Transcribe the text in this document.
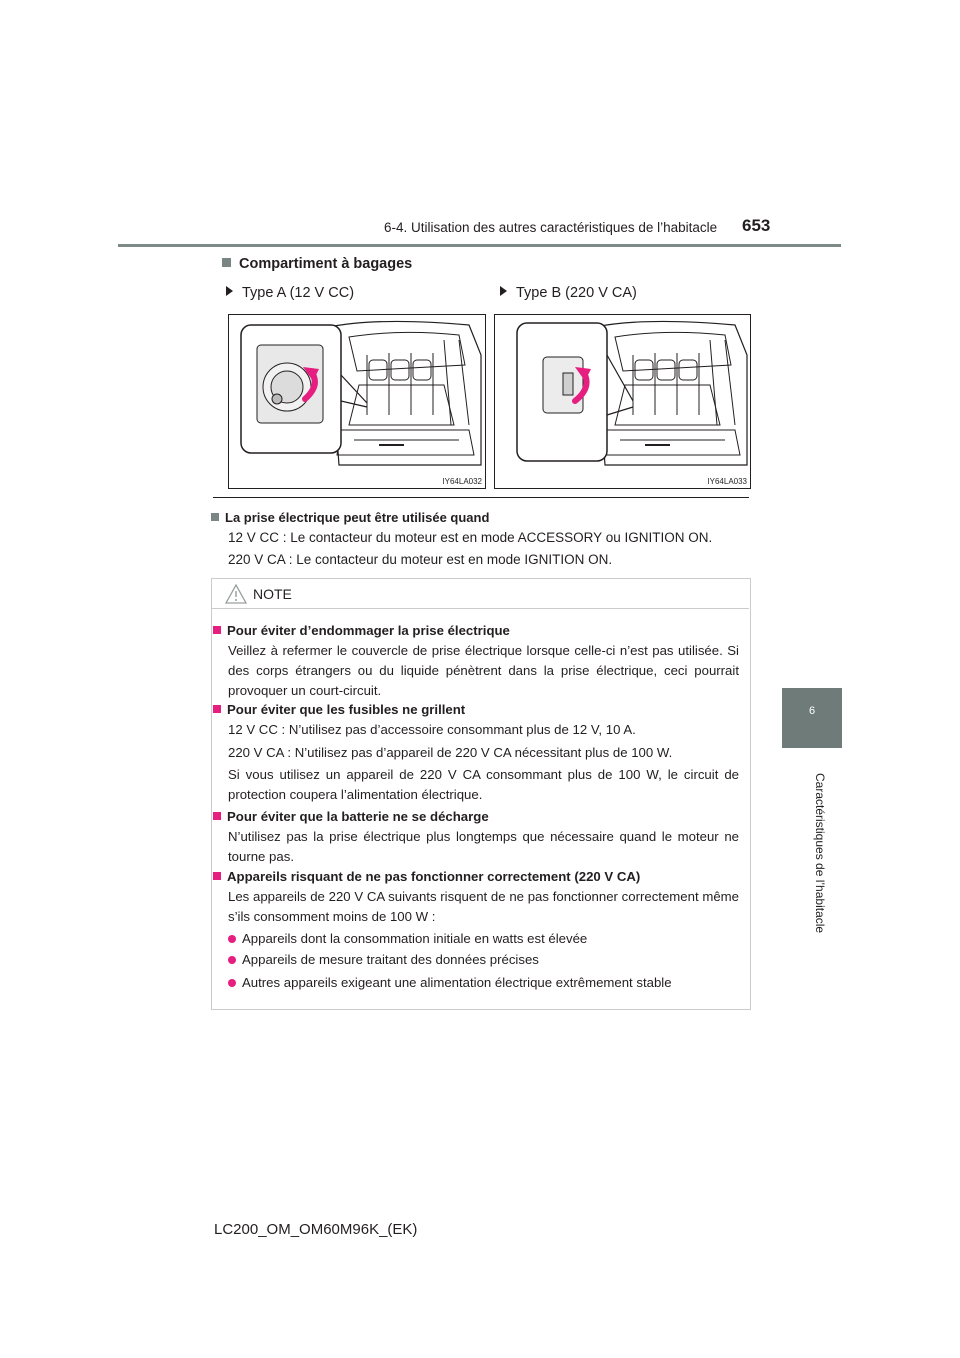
6-4. Utilisation des autres caractéristiques de l’habitacle 653
6
Caractéristiques de l’habitacle
Compartiment à bagages
Type A (12 V CC)	Type B (220 V CA)
IY64LA032	IY64LA033
La prise électrique peut être utilisée quand
12 V CC : Le contacteur du moteur est en mode ACCESSORY ou IGNITION ON.
220 V CA : Le contacteur du moteur est en mode IGNITION ON.
NOTE
Pour éviter d’endommager la prise électrique
Veillez à refermer le couvercle de prise électrique lorsque celle-ci n’est pas utilisée. Si des corps étrangers ou du liquide pénètrent dans la prise électrique, ceci pourrait provoquer un court-circuit.
Pour éviter que les fusibles ne grillent
12 V CC : N’utilisez pas d’accessoire consommant plus de 12 V, 10 A.
220 V CA : N’utilisez pas d’appareil de 220 V CA nécessitant plus de 100 W.
Si vous utilisez un appareil de 220 V CA consommant plus de 100 W, le circuit de protection coupera l’alimentation électrique.
Pour éviter que la batterie ne se décharge
N’utilisez pas la prise électrique plus longtemps que nécessaire quand le moteur ne tourne pas.
Appareils risquant de ne pas fonctionner correctement (220 V CA)
Les appareils de 220 V CA suivants risquent de ne pas fonctionner correctement même s’ils consomment moins de 100 W :
Appareils dont la consommation initiale en watts est élevée
Appareils de mesure traitant des données précises
Autres appareils exigeant une alimentation électrique extrêmement stable
LC200_OM_OM60M96K_(EK)
